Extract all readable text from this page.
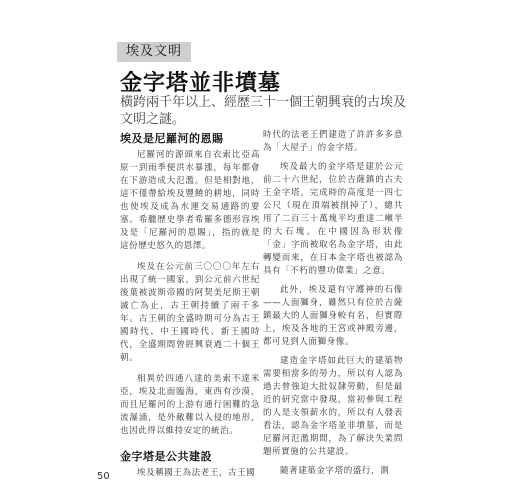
埃及文明
金字塔並非墳墓

橫跨兩千年以上、經歷三十一個王朝興衰的古埃及文明之謎。

埃及是尼羅河的恩賜

尼羅河的源頭來自衣索比亞高原一到雨季便洪水暴漲，每年都會在下游造成大氾濫。但是相對地，這不僅帶給埃及豐饒的耕地，同時也使埃及成為水運交易通路的要塞。希臘歷史學者希羅多德形容埃及是「尼羅河的恩賜」，指的就是這份歷史悠久的恩澤。

埃及在公元前三〇〇〇年左右出現了統一國家，到公元前六世紀後葉被波斯帝國的阿契美尼斯王朝滅亡為止，古王朝持續了兩千多年。古王朝的全盛時期可分為古王國時代、中王國時代、新王國時代，全盛期間曾經興衰過二十個王朝。

相異於四通八達的美索不達米亞，埃及北面臨海，東西有沙漠，而且尼羅河的上游有通行困難的急流瀑涌，是外敵難以入侵的地形，也因此得以維持安定的統治。

金字塔是公共建設

埃及稱國王為法老王，古王國

時代的法老王們建造了許許多多意為「大屋子」的金字塔。

埃及最大的金字塔是建於公元前二十六世紀，位於吉薩鎮的古夫王金字塔。完成時的高度是一四七公尺（現在頂端被削掉了），總共用了二百三十萬塊平均重達二噸半的大石塊。在中國因為形狀像「金」字而被取名為金字塔，由此轉變而來，在日本金字塔也被認為具有「不朽的豐功偉業」之意。

此外，埃及還有守護神的石像——人面獅身，雖然只有位於吉薩鎮最大的人面獅身較有名，但實際上，埃及各地的王宮或神殿旁邊，都可見到人面獅身像。

建造金字塔如此巨大的建築物需要相當多的勞力，所以有人認為過去曾強迫大批奴隸勞動，但是最近的研究當中發現，當初參與工程的人是支領薪水的，所以有人發表看法，認為金字塔並非墳墓，而是尼羅河氾濫期間，為了解決失業問題所實施的公共建設。

隨著建築金字塔的盛行，測

50
